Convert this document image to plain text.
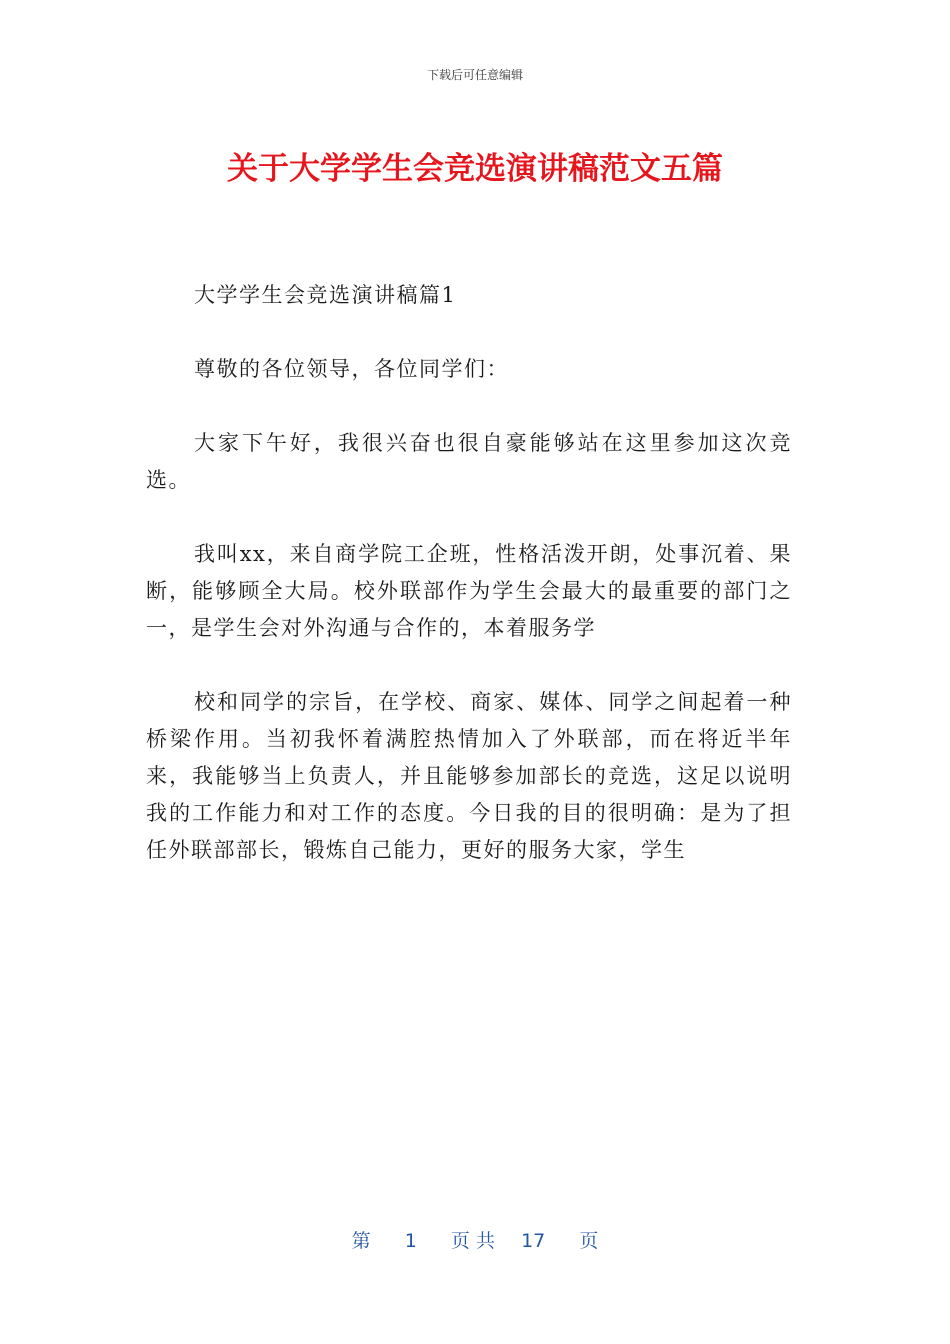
下载后可任意编辑
关于大学学生会竞选演讲稿范文五篇

大学学生会竞选演讲稿篇1

尊敬的各位领导，各位同学们：

大家下午好，我很兴奋也很自豪能够站在这里参加这次竞选。

我叫xx，来自商学院工企班，性格活泼开朗，处事沉着、果断，能够顾全大局。校外联部作为学生会最大的最重要的部门之一，是学生会对外沟通与合作的，本着服务学

校和同学的宗旨，在学校、商家、媒体、同学之间起着一种桥梁作用。当初我怀着满腔热情加入了外联部，而在将近半年来，我能够当上负责人，并且能够参加部长的竞选，这足以说明我的工作能力和对工作的态度。今日我的目的很明确：是为了担任外联部部长，锻炼自己能力，更好的服务大家，学生

第 1 页 共 17 页
